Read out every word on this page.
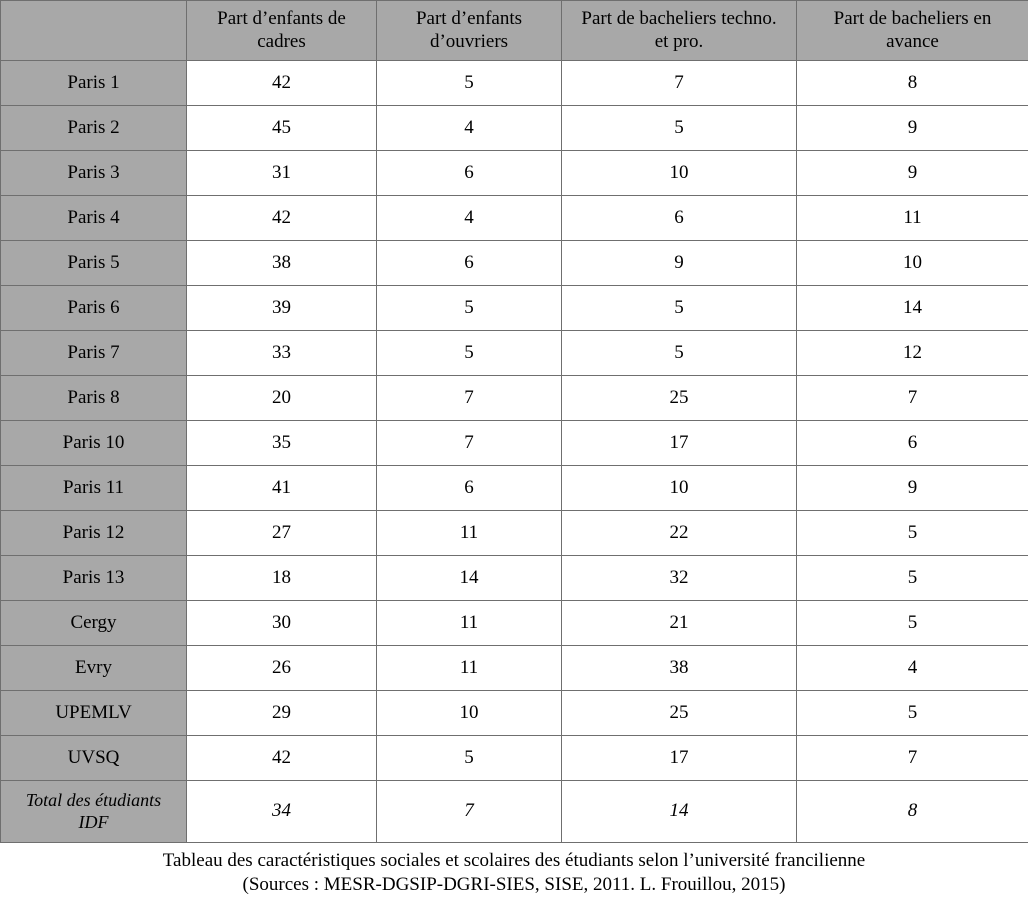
	Part d’enfants de cadres	Part d’enfants d’ouvriers	Part de bacheliers techno. et pro.	Part de bacheliers en avance
Paris 1	42	5	7	8
Paris 2	45	4	5	9
Paris 3	31	6	10	9
Paris 4	42	4	6	11
Paris 5	38	6	9	10
Paris 6	39	5	5	14
Paris 7	33	5	5	12
Paris 8	20	7	25	7
Paris 10	35	7	17	6
Paris 11	41	6	10	9
Paris 12	27	11	22	5
Paris 13	18	14	32	5
Cergy	30	11	21	5
Evry	26	11	38	4
UPEMLV	29	10	25	5
UVSQ	42	5	17	7
Total des étudiants IDF	34	7	14	8
Tableau des caractéristiques sociales et scolaires des étudiants selon l’université francilienne
(Sources : MESR-DGSIP-DGRI-SIES, SISE, 2011. L. Frouillou, 2015)
